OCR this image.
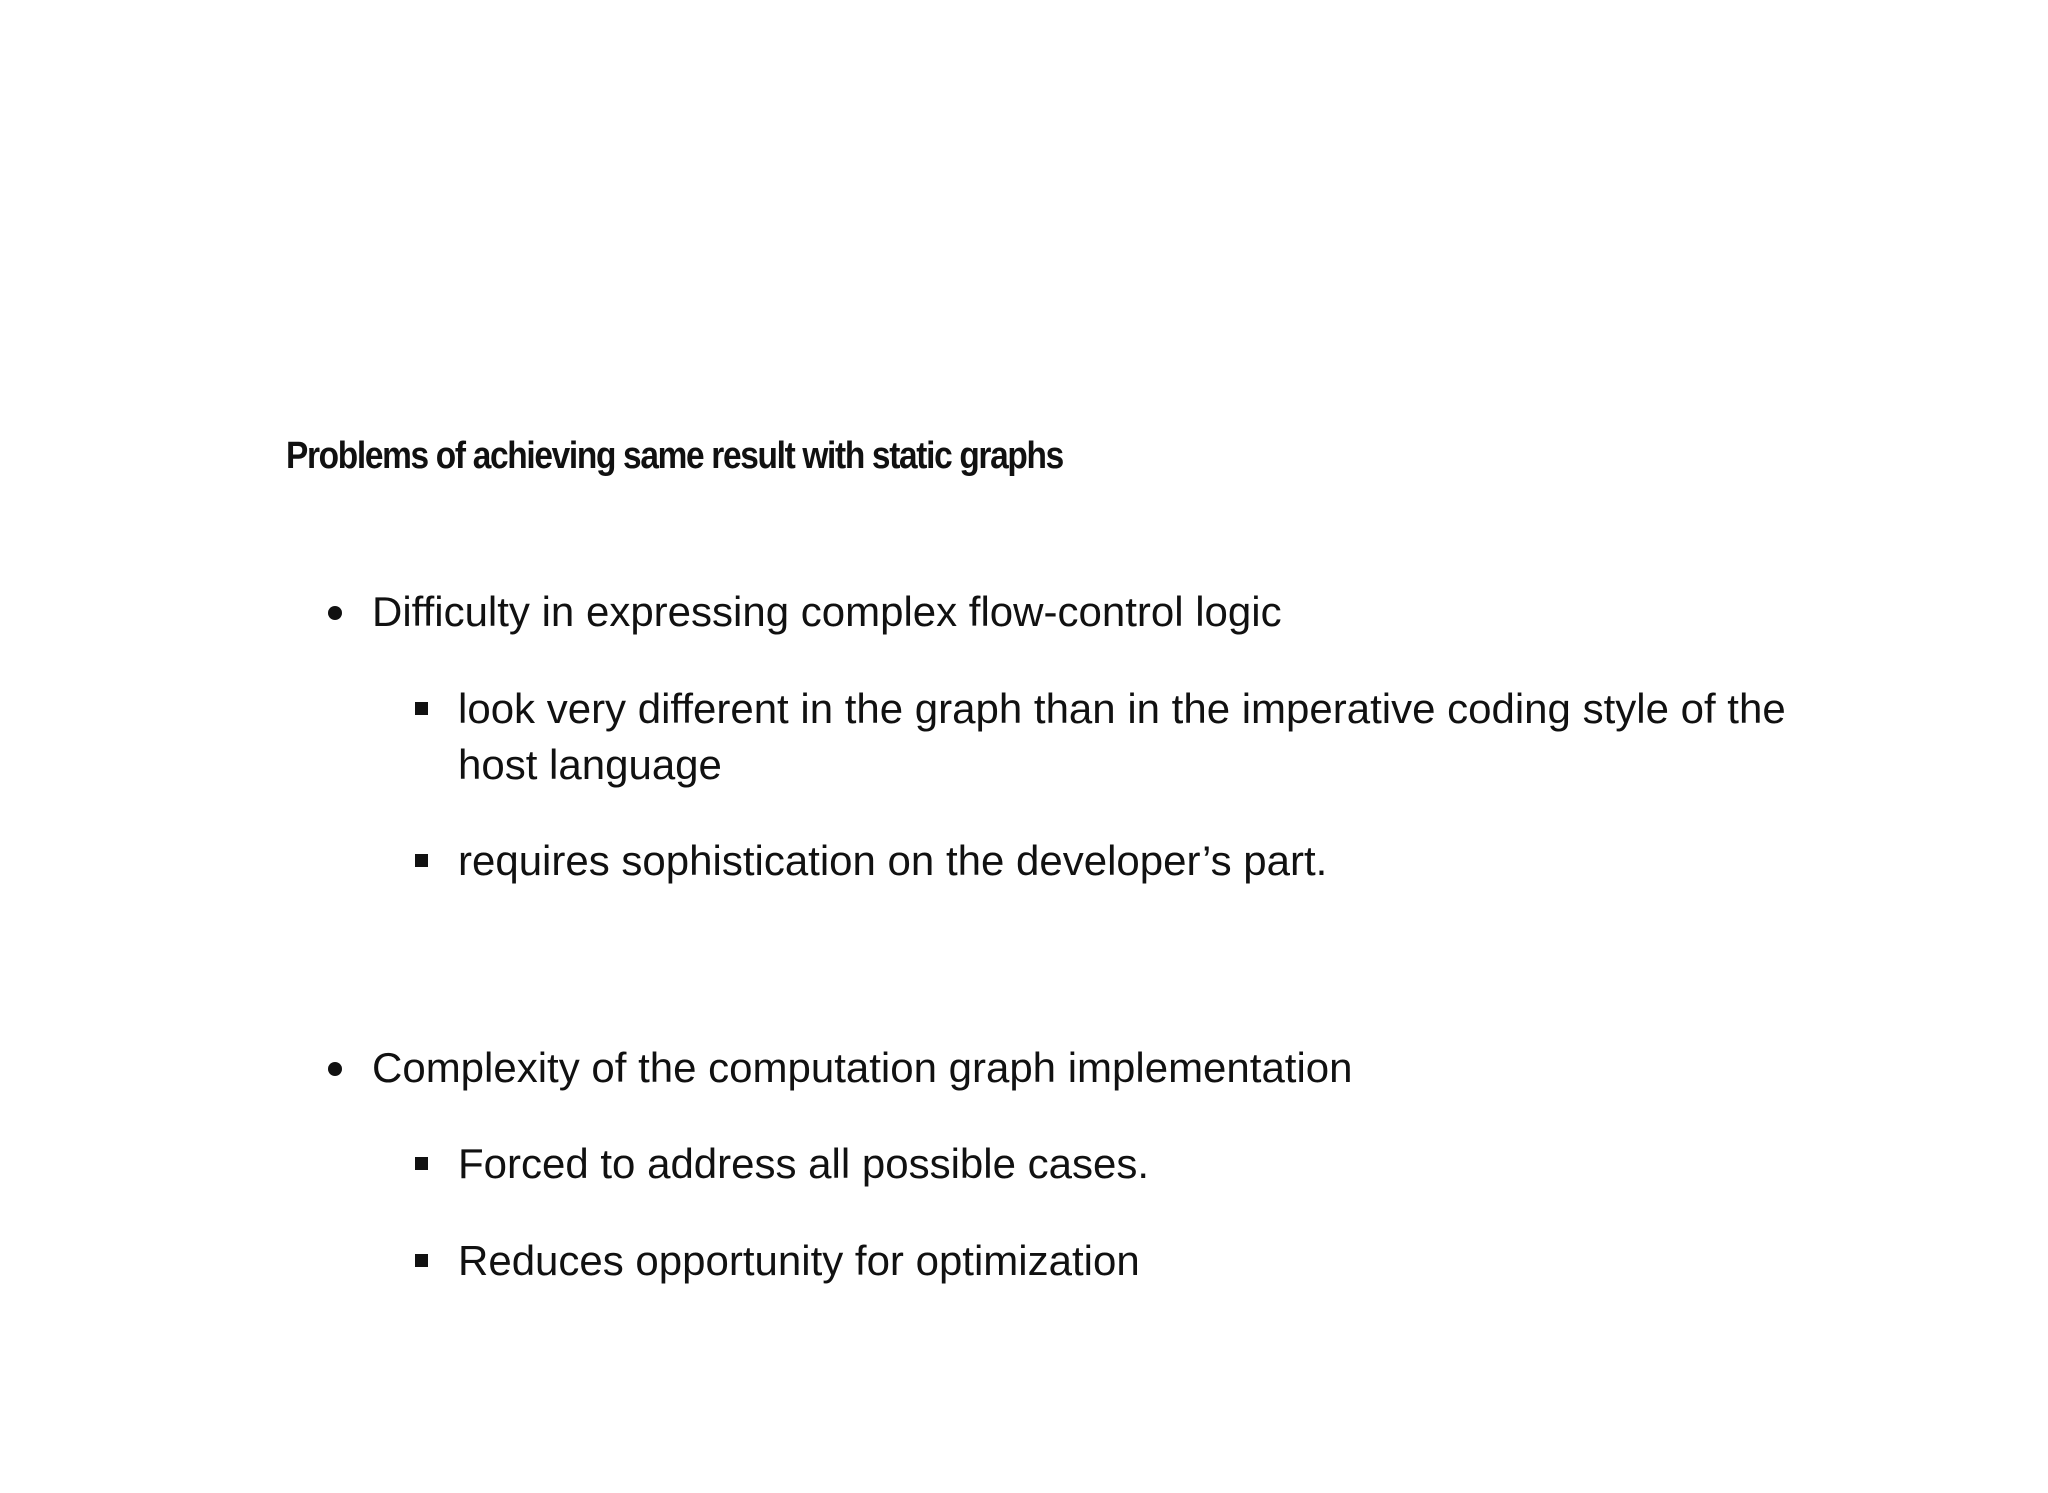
Problems of achieving same result with static graphs

Difficulty in expressing complex flow-control logic

look very different in the graph than in the imperative coding style of the host language

requires sophistication on the developer’s part.

Complexity of the computation graph implementation

Forced to address all possible cases.

Reduces opportunity for optimization
